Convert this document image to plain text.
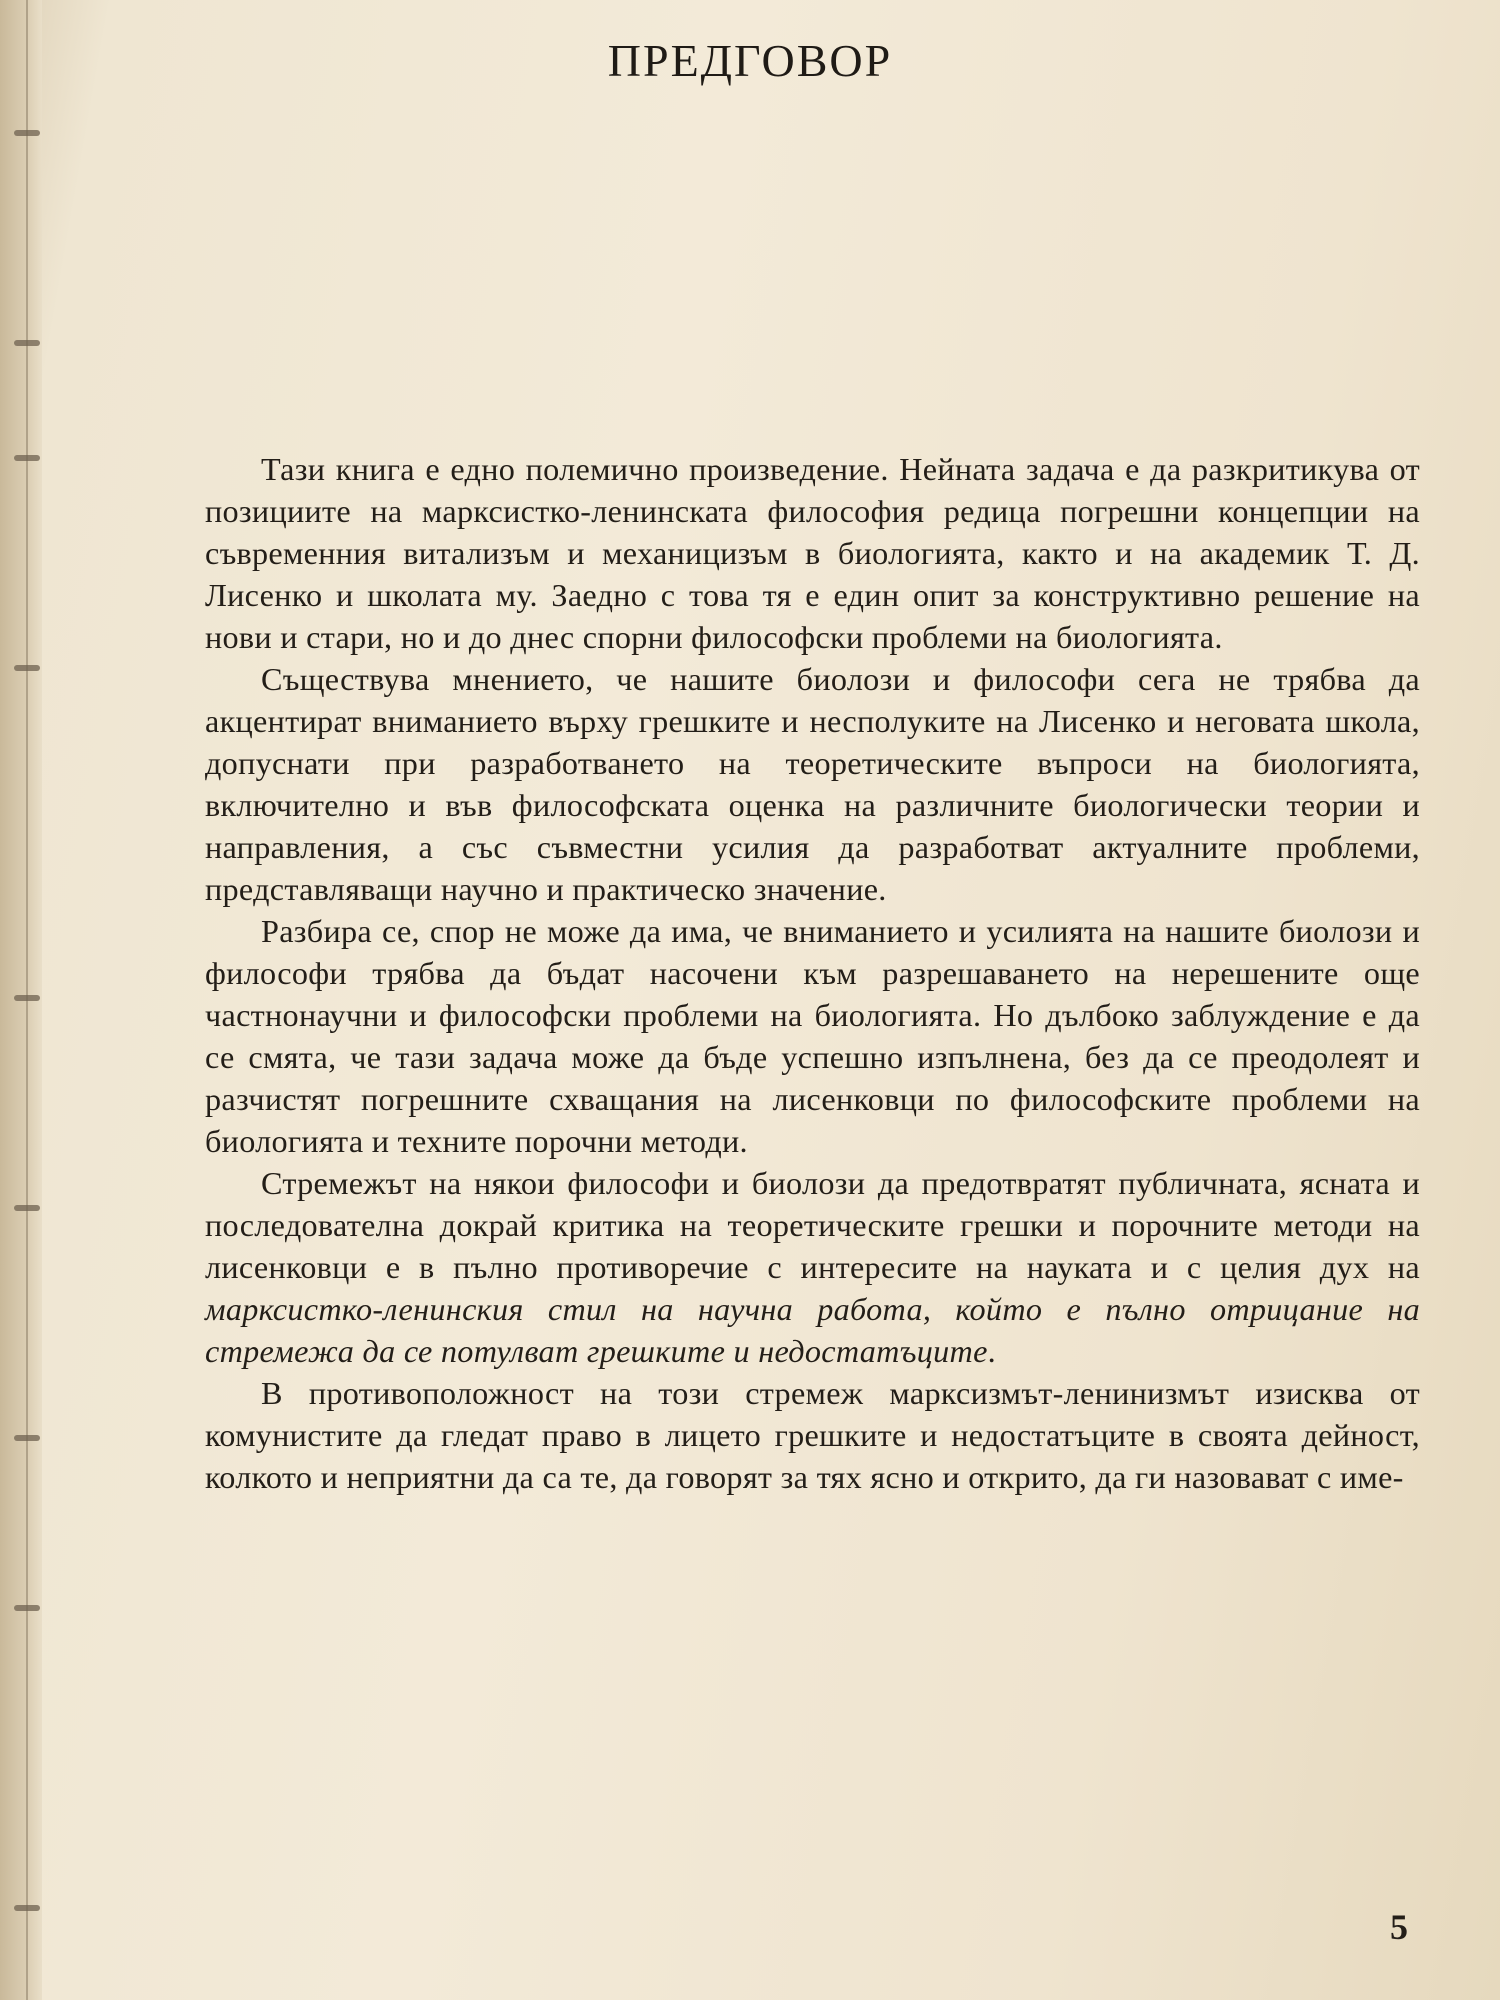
ПРЕДГОВОР

Тази книга е едно полемично произведение. Нейната задача е да разкритикува от позициите на марксистко-ленинската философия редица погрешни концепции на съвременния витализъм и механицизъм в биологията, както и на академик Т. Д. Лисенко и школата му. Заедно с това тя е един опит за конструктивно решение на нови и стари, но и до днес спорни философски проблеми на биологията.

Съществува мнението, че нашите биолози и философи сега не трябва да акцентират вниманието върху грешките и несполуките на Лисенко и неговата школа, допуснати при разработването на теоретическите въпроси на биологията, включително и във философската оценка на различните биологически теории и направления, а със съвместни усилия да разработват актуалните проблеми, представляващи научно и практическо значение.

Разбира се, спор не може да има, че вниманието и усилията на нашите биолози и философи трябва да бъдат насочени към разрешаването на нерешените още частнонаучни и философски проблеми на биологията. Но дълбоко заблуждение е да се смята, че тази задача може да бъде успешно изпълнена, без да се преодолеят и разчистят погрешните схващания на лисенковци по философските проблеми на биологията и техните порочни методи.

Стремежът на някои философи и биолози да предотвратят публичната, ясната и последователна докрай критика на теоретическите грешки и порочните методи на лисенковци е в пълно противоречие с интересите на науката и с целия дух на марксистко-ленинския стил на научна работа, който е пълно отрицание на стремежа да се потулват грешките и недостатъците.

В противоположност на този стремеж марксизмът-ленинизмът изисква от комунистите да гледат право в лицето грешките и недостатъците в своята дейност, колкото и неприятни да са те, да говорят за тях ясно и открито, да ги назовават с име-

5
